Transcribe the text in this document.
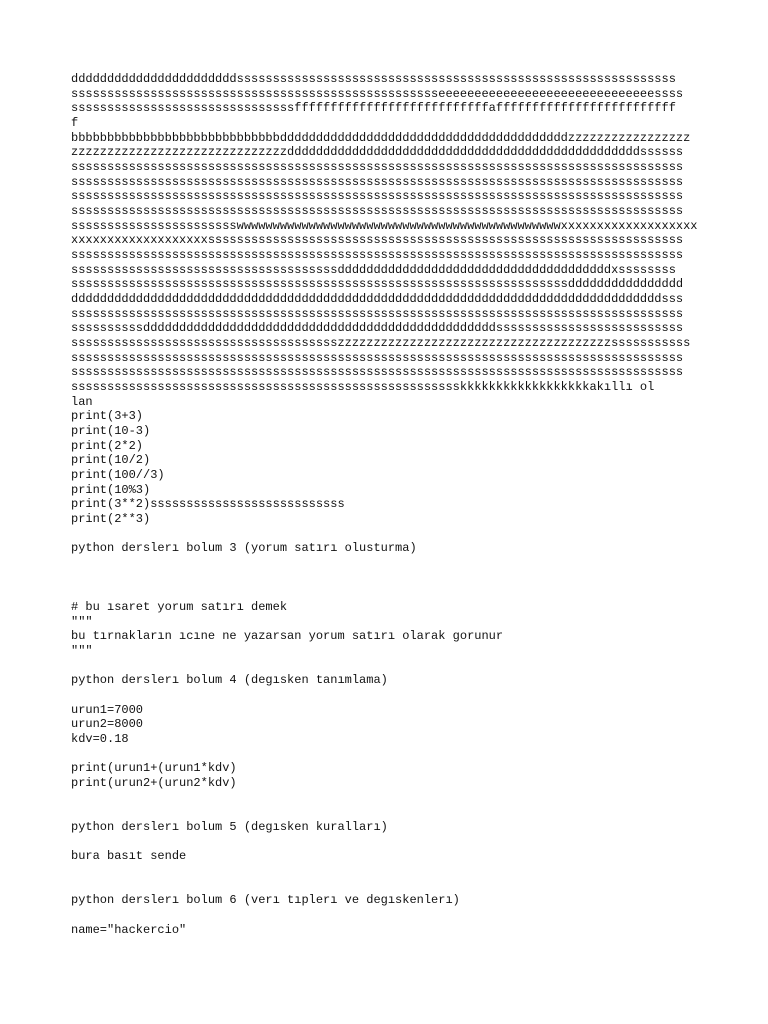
dddddddddddddddddddddddsssssssssssssssssssssssssssssssssssssssssssssssssssssssssssss
ssssssssssssssssssssssssssssssssssssssssssssssssssseeeeeeeeeeeeeeeeeeeeeeeeeeeeeessss
sssssssssssssssssssssssssssssssfffffffffffffffffffffffffffafffffffffffffffffffffffff
f
bbbbbbbbbbbbbbbbbbbbbbbbbbbbbddddddddddddddddddddddddddddddddddddddddzzzzzzzzzzzzzzzzz
zzzzzzzzzzzzzzzzzzzzzzzzzzzzzzdddddddddddddddddddddddddddddddddddddddddddddddddssssss
sssssssssssssssssssssssssssssssssssssssssssssssssssssssssssssssssssssssssssssssssssss
sssssssssssssssssssssssssssssssssssssssssssssssssssssssssssssssssssssssssssssssssssss
sssssssssssssssssssssssssssssssssssssssssssssssssssssssssssssssssssssssssssssssssssss
sssssssssssssssssssssssssssssssssssssssssssssssssssssssssssssssssssssssssssssssssssss
ssssssssssssssssssssssswwwwwwwwwwwwwwwwwwwwwwwwwwwwwwwwwwwwwwwwwwwwwxxxxxxxxxxxxxxxxxxx
xxxxxxxxxxxxxxxxxxxssssssssssssssssssssssssssssssssssssssssssssssssssssssssssssssssss
sssssssssssssssssssssssssssssssssssssssssssssssssssssssssssssssssssssssssssssssssssss
sssssssssssssssssssssssssssssssssssssddddddddddddddddddddddddddddddddddddddxssssssss
sssssssssssssssssssssssssssssssssssssssssssssssssssssssssssssssssssssdddddddddddddddd
ddddddddddddddddddddddddddddddddddddddddddddddddddddddddddddddddddddddddddddddddddsss
sssssssssssssssssssssssssssssssssssssssssssssssssssssssssssssssssssssssssssssssssssss
ssssssssssdddddddddddddddddddddddddddddddddddddddddddddddddssssssssssssssssssssssssss
ssssssssssssssssssssssssssssssssssssszzzzzzzzzzzzzzzzzzzzzzzzzzzzzzzzzzzzzzsssssssssss
sssssssssssssssssssssssssssssssssssssssssssssssssssssssssssssssssssssssssssssssssssss
sssssssssssssssssssssssssssssssssssssssssssssssssssssssssssssssssssssssssssssssssssss
sssssssssssssssssssssssssssssssssssssssssssssssssssssskkkkkkkkkkkkkkkkkkakıllı ol
lan
print(3+3)
print(10-3)
print(2*2)
print(10/2)
print(100//3)
print(10%3)
print(3**2)sssssssssssssssssssssssssss
print(2**3)
python derslerı bolum 3 (yorum satırı olusturma)
# bu ısaret yorum satırı demek
"""
bu tırnakların ıcıne ne yazarsan yorum satırı olarak gorunur
"""
python derslerı bolum 4 (degısken tanımlama)
urun1=7000
urun2=8000
kdv=0.18
print(urun1+(urun1*kdv)
print(urun2+(urun2*kdv)
python derslerı bolum 5 (degısken kuralları)
bura basıt sende
python derslerı bolum 6 (verı tıplerı ve degıskenlerı)
name="hackercio"
